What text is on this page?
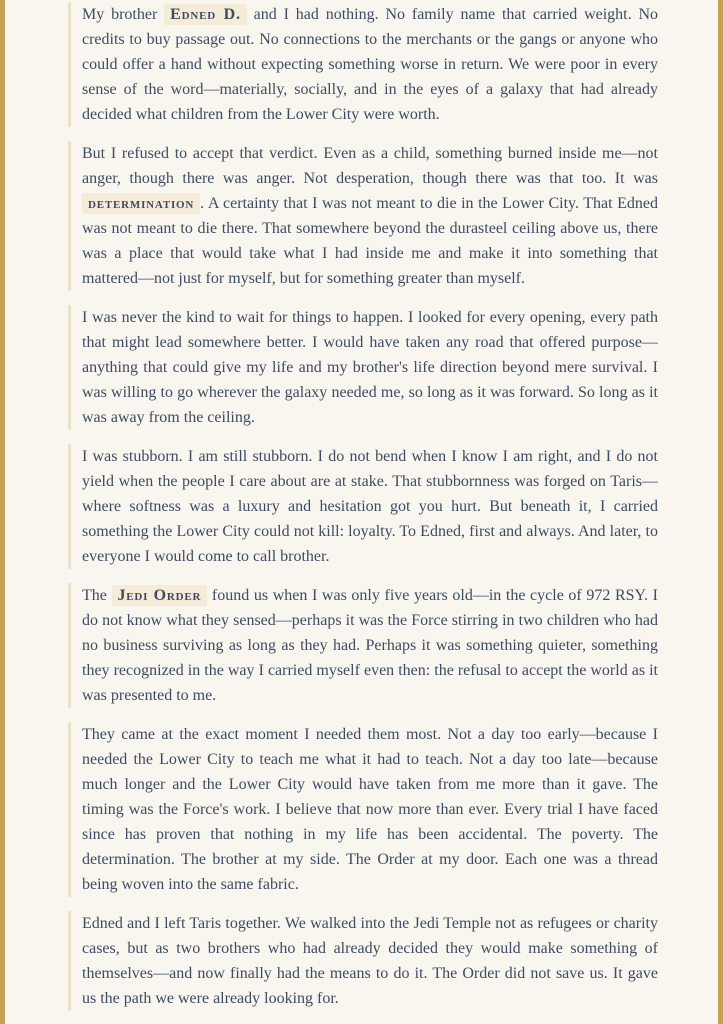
My brother Edned D. and I had nothing. No family name that carried weight. No credits to buy passage out. No connections to the merchants or the gangs or anyone who could offer a hand without expecting something worse in return. We were poor in every sense of the word—materially, socially, and in the eyes of a galaxy that had already decided what children from the Lower City were worth.
But I refused to accept that verdict. Even as a child, something burned inside me—not anger, though there was anger. Not desperation, though there was that too. It was determination . A certainty that I was not meant to die in the Lower City. That Edned was not meant to die there. That somewhere beyond the durasteel ceiling above us, there was a place that would take what I had inside me and make it into something that mattered—not just for myself, but for something greater than myself.
I was never the kind to wait for things to happen. I looked for every opening, every path that might lead somewhere better. I would have taken any road that offered purpose—anything that could give my life and my brother's life direction beyond mere survival. I was willing to go wherever the galaxy needed me, so long as it was forward. So long as it was away from the ceiling.
I was stubborn. I am still stubborn. I do not bend when I know I am right, and I do not yield when the people I care about are at stake. That stubbornness was forged on Taris—where softness was a luxury and hesitation got you hurt. But beneath it, I carried something the Lower City could not kill: loyalty. To Edned, first and always. And later, to everyone I would come to call brother.
The Jedi Order found us when I was only five years old—in the cycle of 972 RSY. I do not know what they sensed—perhaps it was the Force stirring in two children who had no business surviving as long as they had. Perhaps it was something quieter, something they recognized in the way I carried myself even then: the refusal to accept the world as it was presented to me.
They came at the exact moment I needed them most. Not a day too early—because I needed the Lower City to teach me what it had to teach. Not a day too late—because much longer and the Lower City would have taken from me more than it gave. The timing was the Force's work. I believe that now more than ever. Every trial I have faced since has proven that nothing in my life has been accidental. The poverty. The determination. The brother at my side. The Order at my door. Each one was a thread being woven into the same fabric.
Edned and I left Taris together. We walked into the Jedi Temple not as refugees or charity cases, but as two brothers who had already decided they would make something of themselves—and now finally had the means to do it. The Order did not save us. It gave us the path we were already looking for.
